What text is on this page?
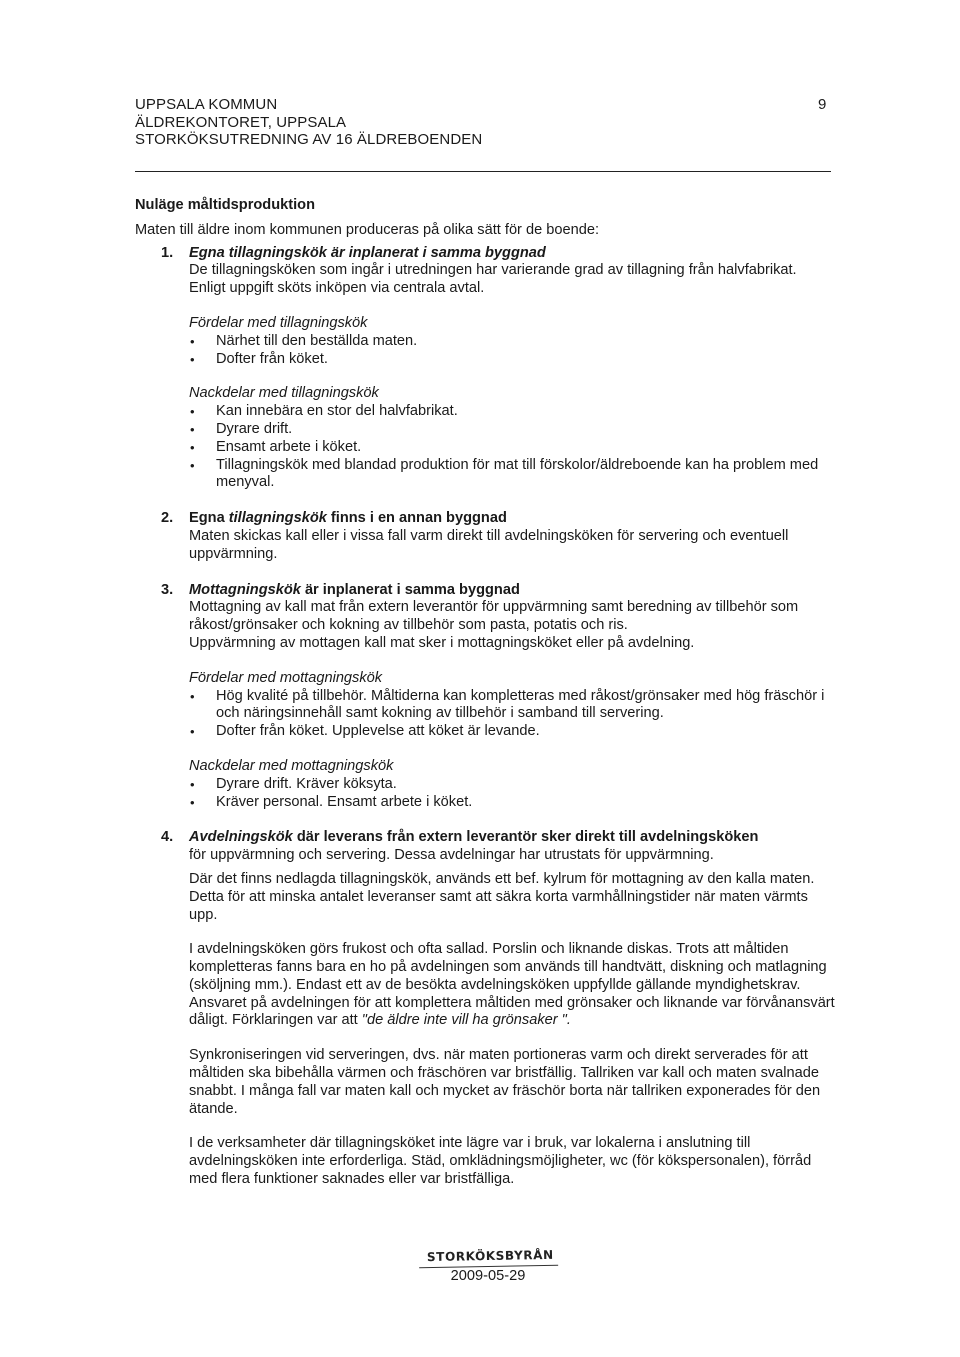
UPPSALA KOMMUN
ÄLDREKONTORET, UPPSALA
STORKÖKSUTREDNING AV 16 ÄLDREBOENDEN
9

Nuläge måltidsproduktion

Maten till äldre inom kommunen produceras på olika sätt för de boende:

1. Egna tillagningskök är inplanerat i samma byggnad

De tillagningsköken som ingår i utredningen har varierande grad av tillagning från halvfabrikat.

Enligt uppgift sköts inköpen via centrala avtal.

Fördelar med tillagningskök

• Närhet till den beställda maten.
• Dofter från köket.

Nackdelar med tillagningskök

• Kan innebära en stor del halvfabrikat.
• Dyrare drift.
• Ensamt arbete i köket.
• Tillagningskök med blandad produktion för mat till förskolor/äldreboende kan ha problem med menyval.
2. Egna tillagningskök finns i en annan byggnad

Maten skickas kall eller i vissa fall varm direkt till avdelningsköken för servering och eventuell uppvärmning.

3. Mottagningskök är inplanerat i samma byggnad

Mottagning av kall mat från extern leverantör för uppvärmning samt beredning av tillbehör som råkost/grönsaker och kokning av tillbehör som pasta, potatis och ris.

Uppvärmning av mottagen kall mat sker i mottagningsköket eller på avdelning.

Fördelar med mottagningskök

• Hög kvalité på tillbehör. Måltiderna kan kompletteras med råkost/grönsaker med hög fräschör i och näringsinnehåll samt kokning av tillbehör i samband till servering.
• Dofter från köket. Upplevelse att köket är levande.

Nackdelar med mottagningskök

• Dyrare drift. Kräver köksyta.
• Kräver personal. Ensamt arbete i köket.
4. Avdelningskök där leverans från extern leverantör sker direkt till avdelningsköken

för uppvärmning och servering. Dessa avdelningar har utrustats för uppvärmning.

Där det finns nedlagda tillagningskök, används ett bef. kylrum för mottagning av den kalla maten. Detta för att minska antalet leveranser samt att säkra korta varmhållningstider när maten värmts upp.

I avdelningsköken görs frukost och ofta sallad. Porslin och liknande diskas. Trots att måltiden kompletteras fanns bara en ho på avdelningen som används till handtvätt, diskning och matlagning (sköljning mm.). Endast ett av de besökta avdelningsköken uppfyllde gällande myndighetskrav. Ansvaret på avdelningen för att komplettera måltiden med grönsaker och liknande var förvånansvärt dåligt. Förklaringen var att "de äldre inte vill ha grönsaker ".

Synkroniseringen vid serveringen, dvs. när maten portioneras varm och direkt serverades för att måltiden ska bibehålla värmen och fräschören var bristfällig. Tallriken var kall och maten svalnade snabbt. I många fall var maten kall och mycket av fräschör borta när tallriken exponerades för den ätande.

I de verksamheter där tillagningsköket inte lägre var i bruk, var lokalerna i anslutning till avdelningsköken inte erforderliga. Städ, omklädningsmöjligheter, wc (för kökspersonalen), förråd med flera funktioner saknades eller var bristfälliga.

STORKÖKSBYRÅN
2009-05-29
